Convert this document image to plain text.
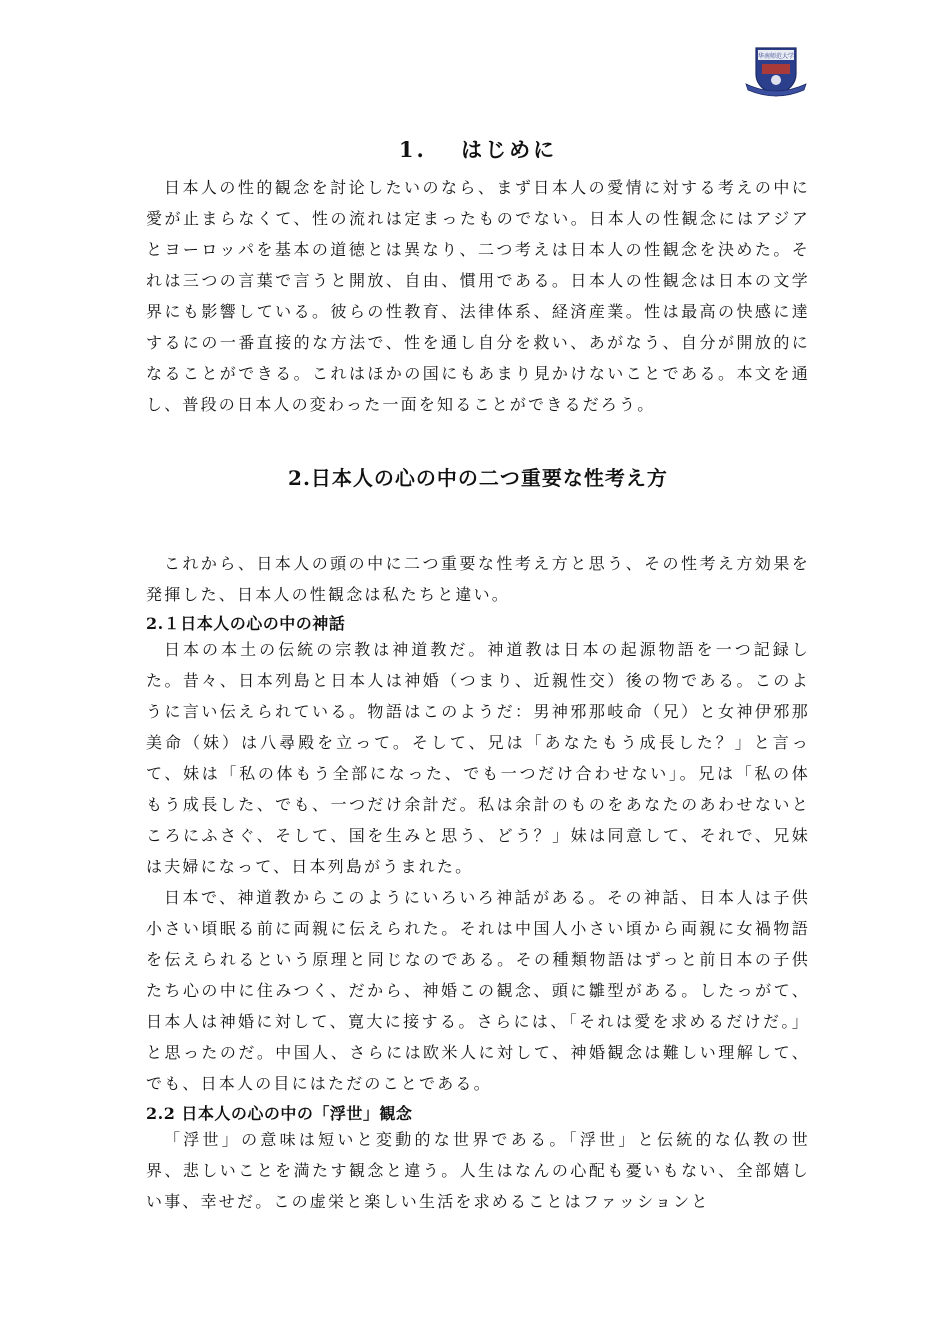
华南师范大学
1.　 はじめに

日本人の性的観念を討论したいのなら、まず日本人の愛情に対する考えの中に愛が止まらなくて、性の流れは定まったものでない。日本人の性観念にはアジアとヨーロッパを基本の道徳とは異なり、二つ考えは日本人の性観念を決めた。それは三つの言葉で言うと開放、自由、慣用である。日本人の性観念は日本の文学界にも影響している。彼らの性教育、法律体系、経済産業。性は最高の快感に達するにの一番直接的な方法で、性を通し自分を救い、あがなう、自分が開放的になることができる。これはほかの国にもあまり見かけないことである。本文を通し、普段の日本人の変わった一面を知ることができるだろう。

2.日本人の心の中の二つ重要な性考え方

これから、日本人の頭の中に二つ重要な性考え方と思う、その性考え方効果を発揮した、日本人の性観念は私たちと違い。

2.１日本人の心の中の神話

日本の本土の伝統の宗教は神道教だ。神道教は日本の起源物語を一つ記録した。昔々、日本列島と日本人は神婚（つまり、近親性交）後の物である。このように言い伝えられている。物語はこのようだ：男神邪那岐命（兄）と女神伊邪那美命（妹）は八尋殿を立って。そして、兄は「あなたもう成長した？」と言って、妹は「私の体もう全部になった、でも一つだけ合わせない」。兄は「私の体もう成長した、でも、一つだけ余計だ。私は余計のものをあなたのあわせないところにふさぐ、そして、国を生みと思う、どう？」妹は同意して、それで、兄妹は夫婦になって、日本列島がうまれた。

日本で、神道教からこのようにいろいろ神話がある。その神話、日本人は子供小さい頃眠る前に両親に伝えられた。それは中国人小さい頃から両親に女禍物語を伝えられるという原理と同じなのである。その種類物語はずっと前日本の子供たち心の中に住みつく、だから、神婚この観念、頭に雛型がある。したっがて、日本人は神婚に対して、寛大に接する。さらには、「それは愛を求めるだけだ。」と思ったのだ。中国人、さらには欧米人に対して、神婚観念は難しい理解して、でも、日本人の目にはただのことである。

2.2 日本人の心の中の「浮世」観念

「浮世」の意味は短いと変動的な世界である。「浮世」と伝統的な仏教の世界、悲しいことを満たす観念と違う。人生はなんの心配も憂いもない、全部嬉しい事、幸せだ。この虚栄と楽しい生活を求めることはファッションと
